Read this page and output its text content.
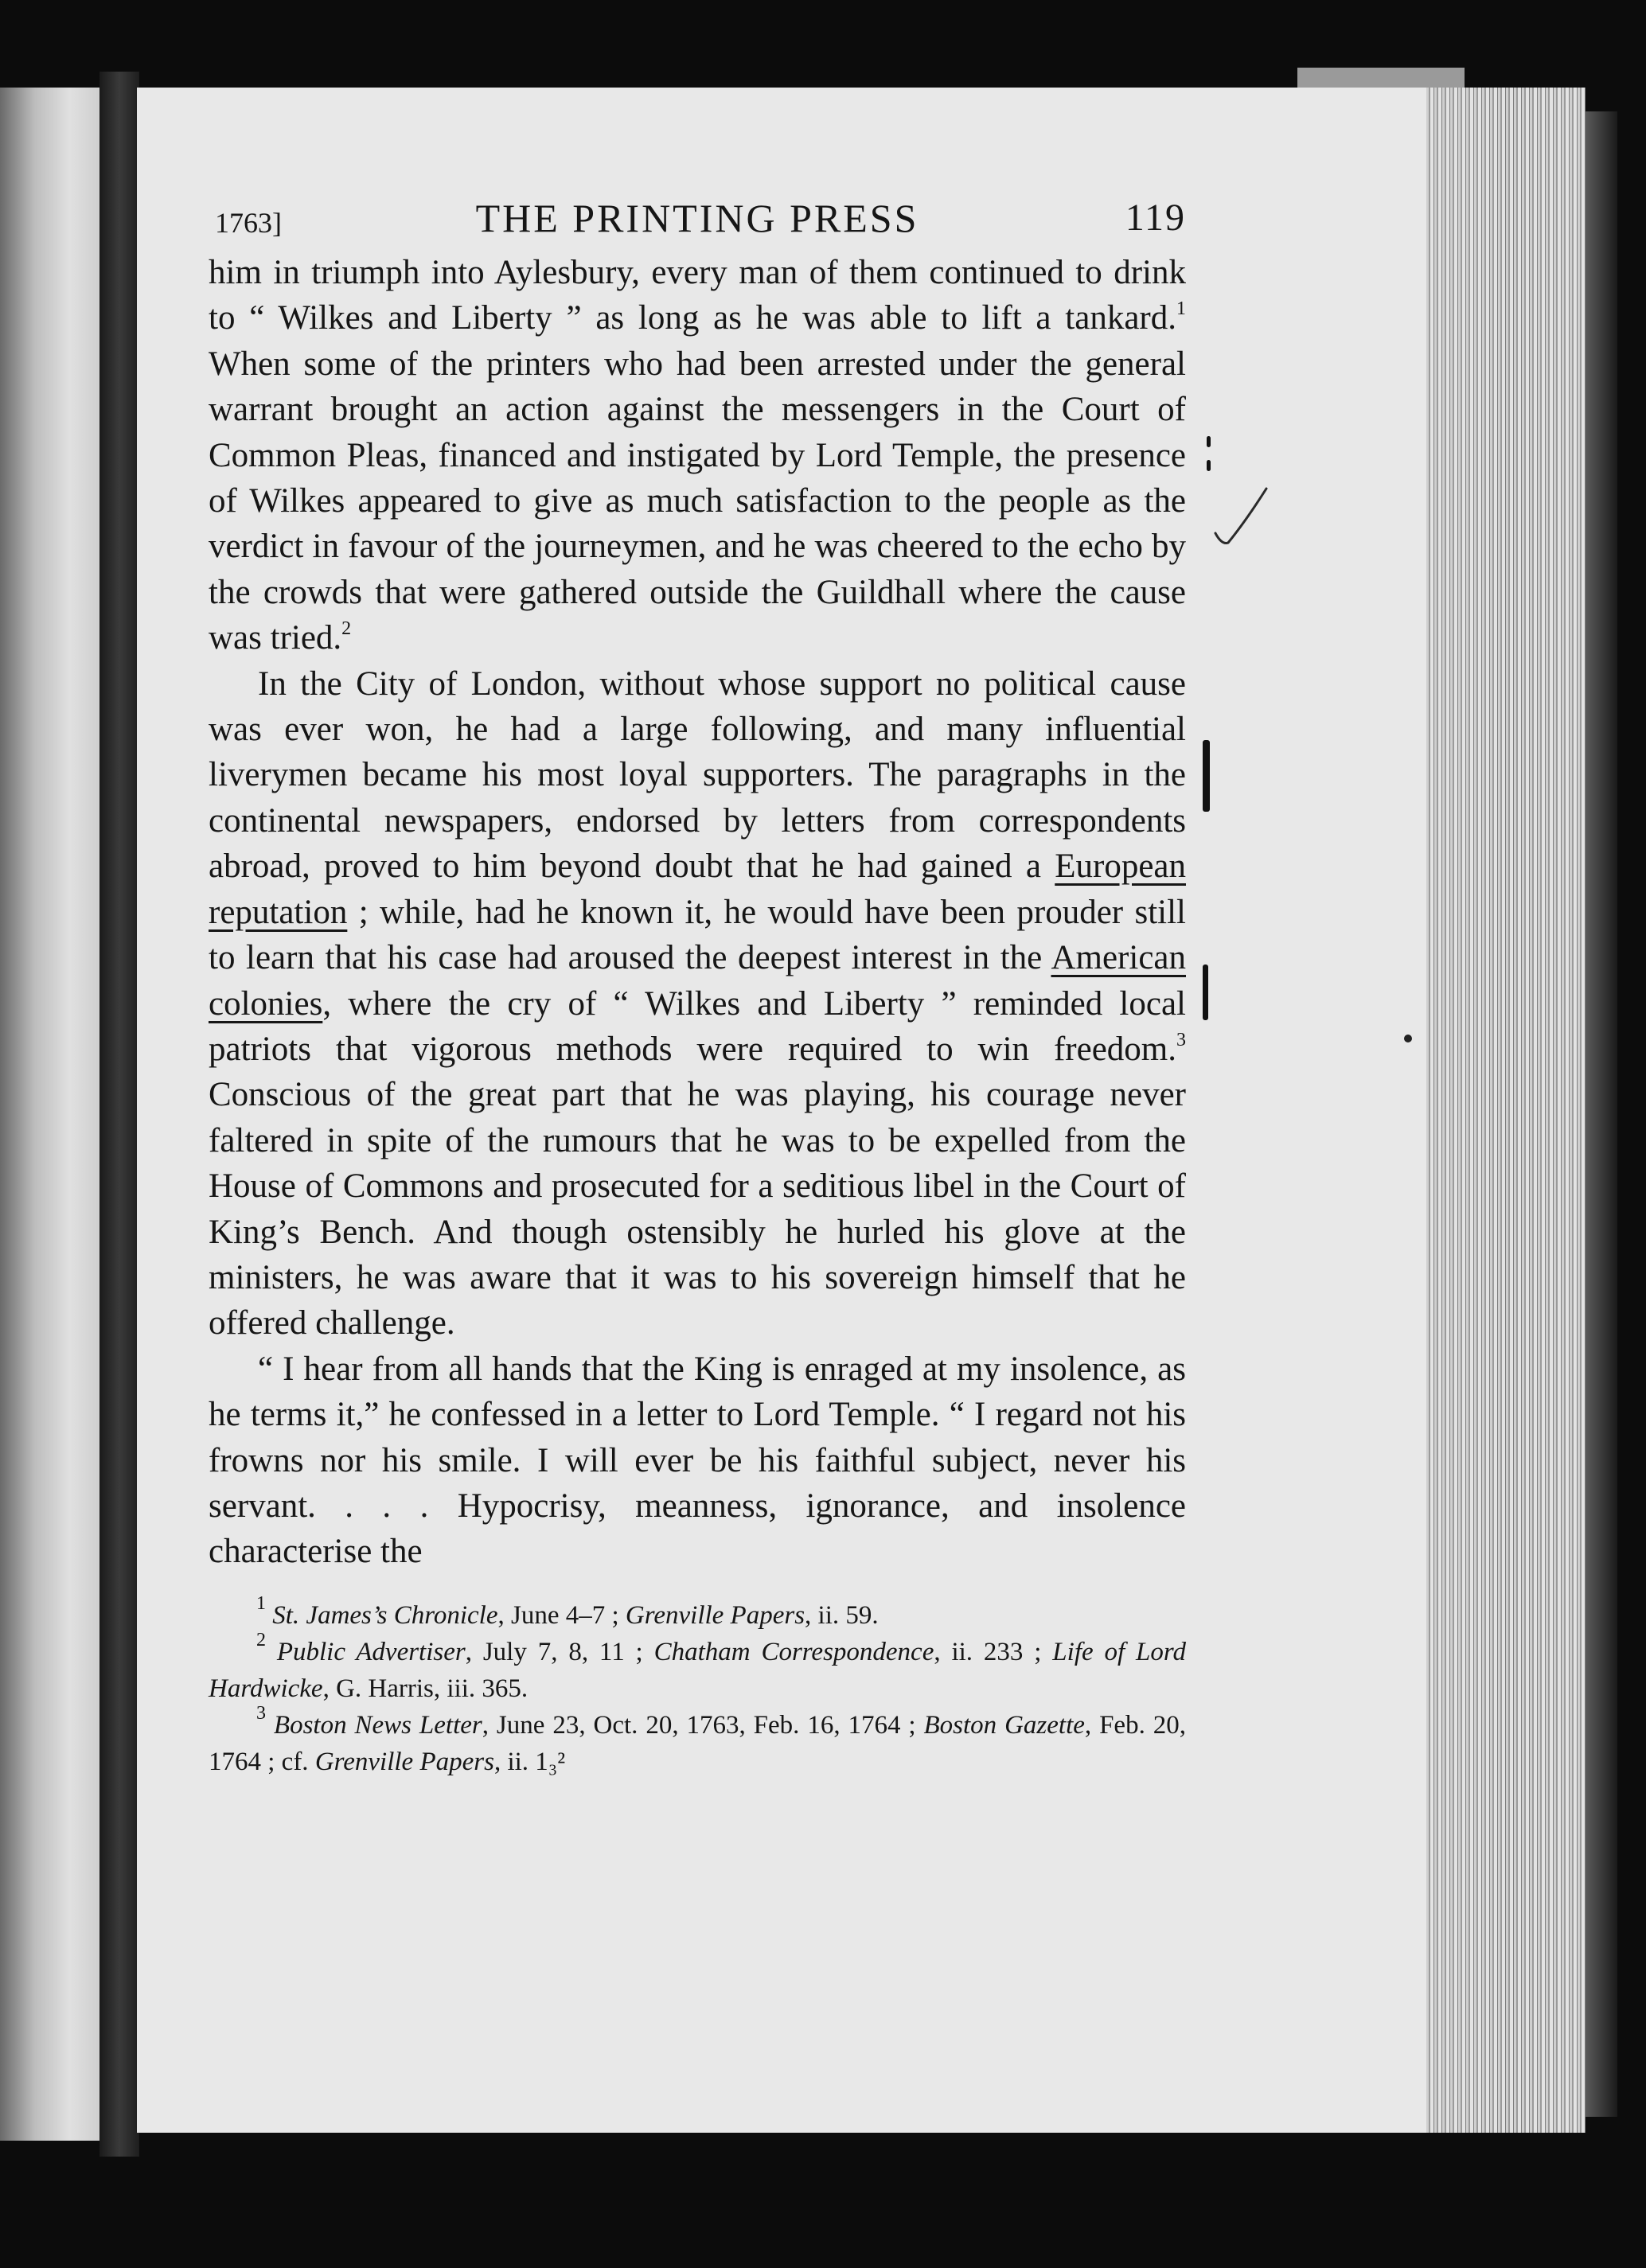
1763]	THE PRINTING PRESS	119

him in triumph into Aylesbury, every man of them continued to drink to “ Wilkes and Liberty ” as long as he was able to lift a tankard.$^1$ When some of the printers who had been arrested under the general warrant brought an action against the messengers in the Court of Common Pleas, financed and instigated by Lord Temple, the presence of Wilkes appeared to give as much satisfaction to the people as the verdict in favour of the journeymen, and he was cheered to the echo by the crowds that were gathered outside the Guildhall where the cause was tried.$^2$

In the City of London, without whose support no political cause was ever won, he had a large following, and many influential liverymen became his most loyal supporters. The paragraphs in the continental newspapers, endorsed by letters from correspondents abroad, proved to him beyond doubt that he had gained a European reputation ; while, had he known it, he would have been prouder still to learn that his case had aroused the deepest interest in the American colonies, where the cry of “ Wilkes and Liberty ” reminded local patriots that vigorous methods were required to win freedom.$^3$ Conscious of the great part that he was playing, his courage never faltered in spite of the rumours that he was to be expelled from the House of Commons and prosecuted for a seditious libel in the Court of King’s Bench. And though ostensibly he hurled his glove at the ministers, he was aware that it was to his sovereign himself that he offered challenge.

“ I hear from all hands that the King is enraged at my insolence, as he terms it,” he confessed in a letter to Lord Temple. “ I regard not his frowns nor his smile. I will ever be his faithful subject, never his servant. . . . Hypocrisy, meanness, ignorance, and insolence characterise the

$^1$ St. James’s Chronicle, June 4–7 ; Grenville Papers, ii. 59.

$^2$ Public Advertiser, July 7, 8, 11 ; Chatham Correspondence, ii. 233 ; Life of Lord Hardwicke, G. Harris, iii. 365.

$^3$ Boston News Letter, June 23, Oct. 20, 1763, Feb. 16, 1764 ; Boston Gazette, Feb. 20, 1764 ; cf. Grenville Papers, ii. 1₃²
